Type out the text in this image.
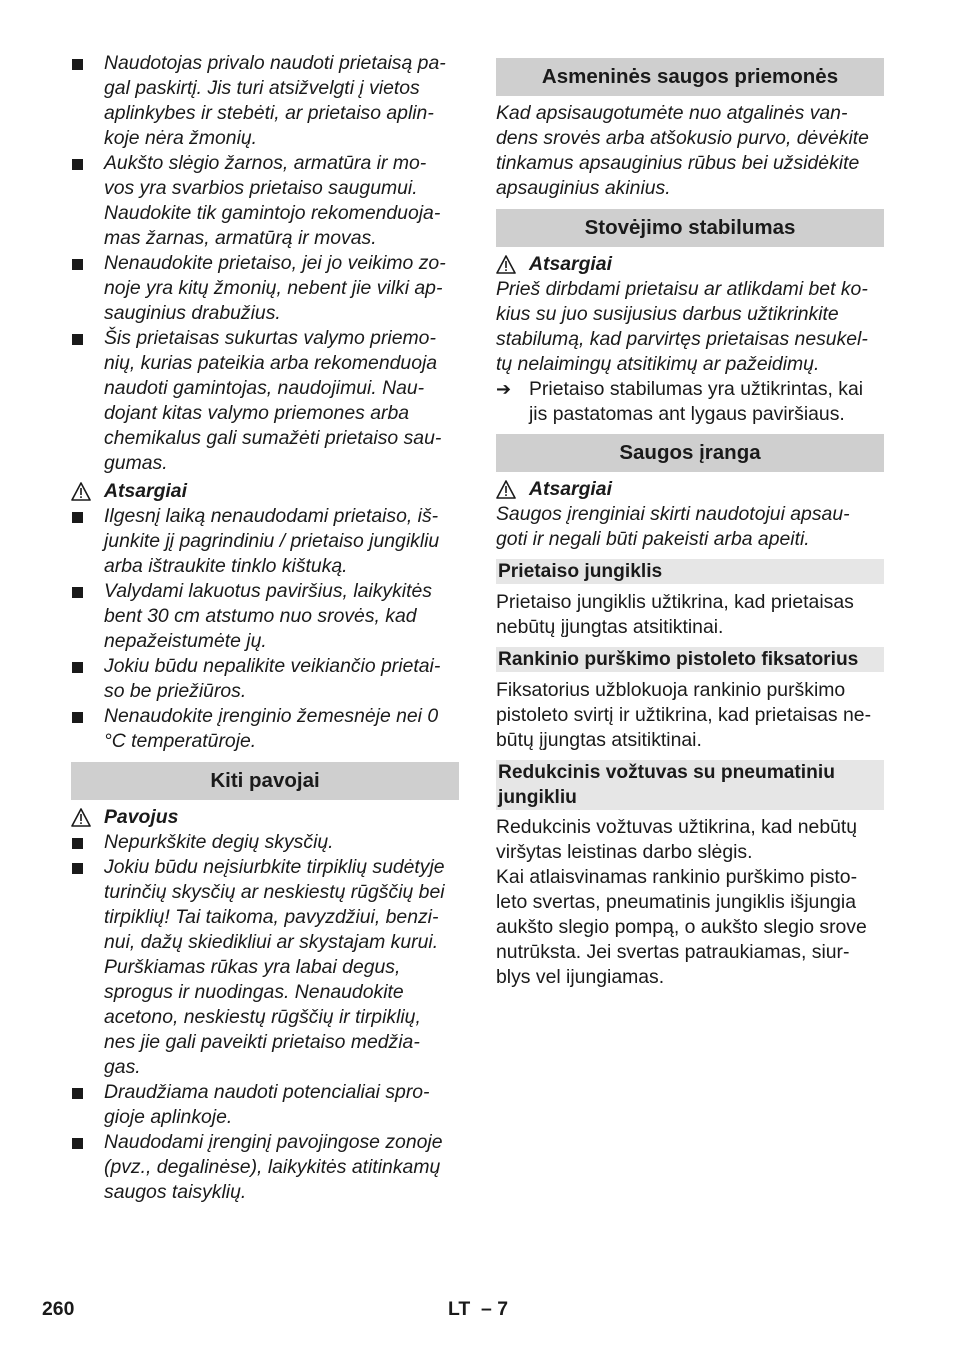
Naudotojas privalo naudoti prietaisą pa-
gal paskirtį. Jis turi atsižvelgti į vietos
aplinkybes ir stebėti, ar prietaiso aplin-
koje nėra žmonių.
Aukšto slėgio žarnos, armatūra ir mo-
vos yra svarbios prietaiso saugumui.
Naudokite tik gamintojo rekomenduoja-
mas žarnas, armatūrą ir movas.
Nenaudokite prietaiso, jei jo veikimo zo-
noje yra kitų žmonių, nebent jie vilki ap-
sauginius drabužius.
Šis prietaisas sukurtas valymo priemo-
nių, kurias pateikia arba rekomenduoja
naudoti gamintojas, naudojimui. Nau-
dojant kitas valymo priemones arba
chemikalus gali sumažėti prietaiso sau-
gumas.
Atsargiai
Ilgesnį laiką nenaudodami prietaiso, iš-
junkite jį pagrindiniu / prietaiso jungikliu
arba ištraukite tinklo kištuką.
Valydami lakuotus paviršius, laikykitės
bent 30 cm atstumo nuo srovės, kad
nepažeistumėte jų.
Jokiu būdu nepalikite veikiančio prietai-
so be priežiūros.
Nenaudokite įrenginio žemesnėje nei 0
°C temperatūroje.
Kiti pavojai
Pavojus
Nepurkškite degių skysčių.
Jokiu būdu neįsiurbkite tirpiklių sudėtyje
turinčių skysčių ar neskiestų rūgščių bei
tirpiklių! Tai taikoma, pavyzdžiui, benzi-
nui, dažų skiedikliui ar skystajam kurui.
Purškiamas rūkas yra labai degus,
sprogus ir nuodingas. Nenaudokite
acetono, neskiestų rūgščių ir tirpiklių,
nes jie gali paveikti prietaiso medžia-
gas.
Draudžiama naudoti potencialiai spro-
gioje aplinkoje.
Naudodami įrenginį pavojingose zonoje
(pvz., degalinėse), laikykitės atitinkamų
saugos taisyklių.
Asmeninės saugos priemonės
Kad apsisaugotumėte nuo atgalinės van-
dens srovės arba atšokusio purvo, dėvėkite
tinkamus apsauginius rūbus bei užsidėkite
apsauginius akinius.
Stovėjimo stabilumas
Atsargiai
Prieš dirbdami prietaisu ar atlikdami bet ko-
kius su juo susijusius darbus užtikrinkite
stabilumą, kad parvirtęs prietaisas nesukel-
tų nelaimingų atsitikimų ar pažeidimų.
➔ Prietaiso stabilumas yra užtikrintas, kai
jis pastatomas ant lygaus paviršiaus.
Saugos įranga
Atsargiai
Saugos įrenginiai skirti naudotojui apsau-
goti ir negali būti pakeisti arba apeiti.
Prietaiso jungiklis
Prietaiso jungiklis užtikrina, kad prietaisas
nebūtų įjungtas atsitiktinai.
Rankinio purškimo pistoleto fiksatorius
Fiksatorius užblokuoja rankinio purškimo
pistoleto svirtį ir užtikrina, kad prietaisas ne-
būtų įjungtas atsitiktinai.
Redukcinis vožtuvas su pneumatiniu
jungikliu
Redukcinis vožtuvas užtikrina, kad nebūtų
viršytas leistinas darbo slėgis.
Kai atlaisvinamas rankinio purškimo pisto-
leto svertas, pneumatinis jungiklis išjungia
aukšto slegio pompą, o aukšto slegio srove
nutrūksta. Jei svertas patraukiamas, siur-
blys vel ijungiamas.
260	LT  – 7
